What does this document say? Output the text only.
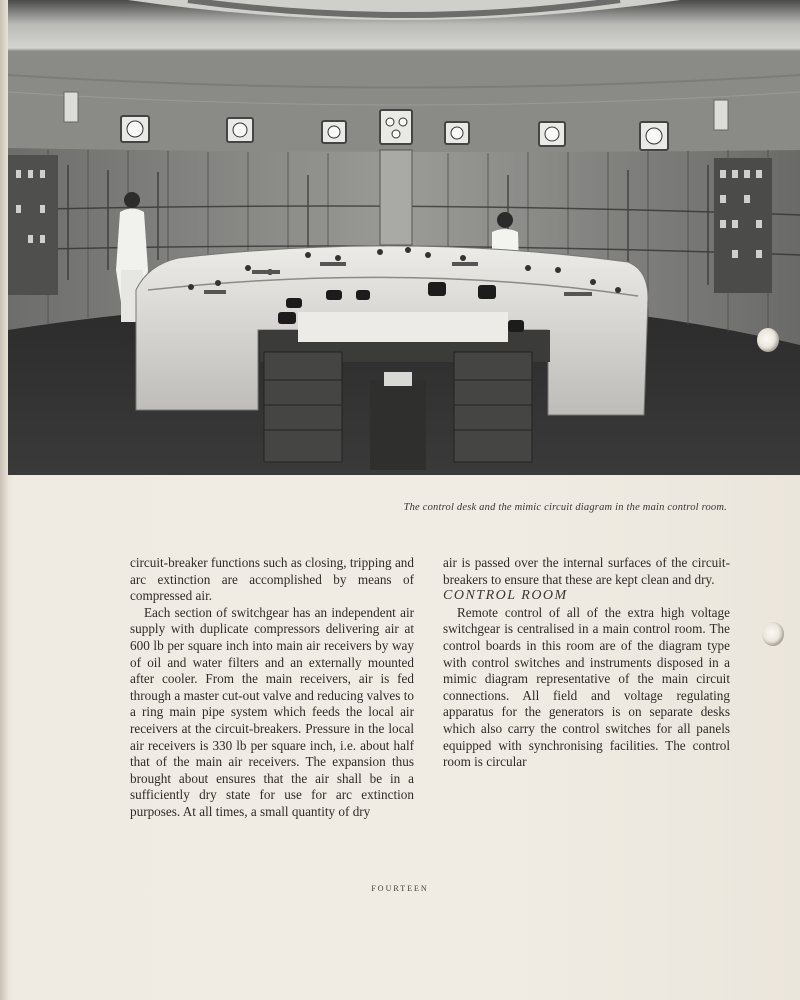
The control desk and the mimic circuit diagram in the main control room.

circuit-breaker functions such as closing, tripping and arc extinction are accomplished by means of compressed air.

Each section of switchgear has an independent air supply with duplicate compressors delivering air at 600 lb per square inch into main air receivers by way of oil and water filters and an externally mounted after cooler. From the main receivers, air is fed through a master cut-out valve and reducing valves to a ring main pipe system which feeds the local air receivers at the circuit-breakers. Pressure in the local air receivers is 330 lb per square inch, i.e. about half that of the main air receivers. The expansion thus brought about ensures that the air shall be in a sufficiently dry state for use for arc extinction purposes. At all times, a small quantity of dry

air is passed over the internal surfaces of the circuit-breakers to ensure that these are kept clean and dry.

CONTROL ROOM

Remote control of all of the extra high voltage switchgear is centralised in a main control room. The control boards in this room are of the diagram type with control switches and instruments disposed in a mimic diagram representative of the main circuit connections. All field and voltage regulating apparatus for the generators is on separate desks which also carry the control switches for all panels equipped with synchronising facilities. The control room is circular

FOURTEEN
